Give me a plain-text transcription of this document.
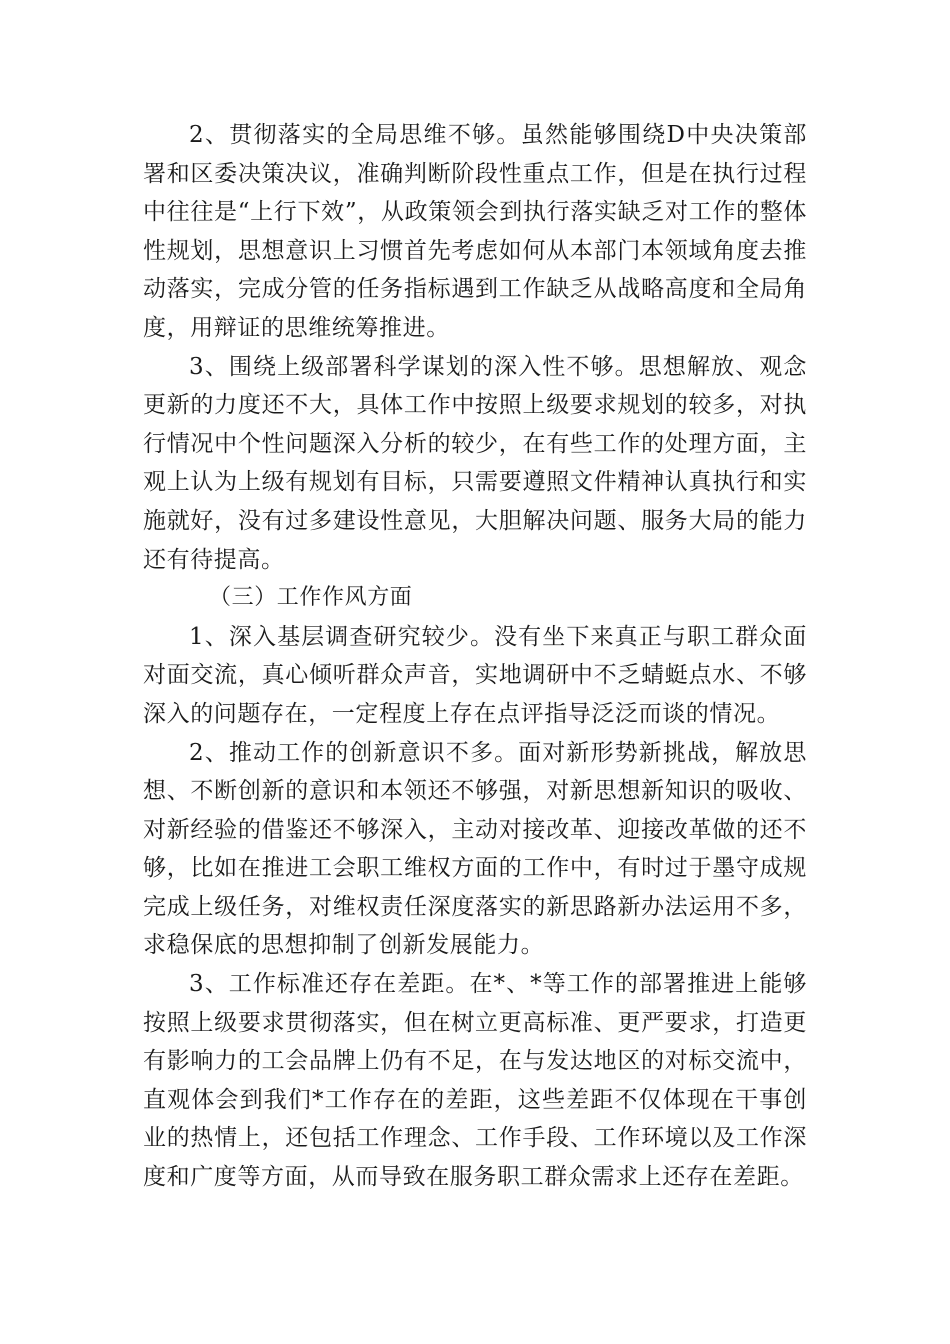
2、贯彻落实的全局思维不够。虽然能够围绕D中央决策部署和区委决策决议，准确判断阶段性重点工作，但是在执行过程中往往是“上行下效”，从政策领会到执行落实缺乏对工作的整体性规划，思想意识上习惯首先考虑如何从本部门本领域角度去推动落实，完成分管的任务指标遇到工作缺乏从战略高度和全局角度，用辩证的思维统筹推进。

3、围绕上级部署科学谋划的深入性不够。思想解放、观念更新的力度还不大，具体工作中按照上级要求规划的较多，对执行情况中个性问题深入分析的较少，在有些工作的处理方面，主观上认为上级有规划有目标，只需要遵照文件精神认真执行和实施就好，没有过多建设性意见，大胆解决问题、服务大局的能力还有待提高。

（三）工作作风方面

1、深入基层调查研究较少。没有坐下来真正与职工群众面对面交流，真心倾听群众声音，实地调研中不乏蜻蜓点水、不够深入的问题存在，一定程度上存在点评指导泛泛而谈的情况。

2、推动工作的创新意识不多。面对新形势新挑战，解放思想、不断创新的意识和本领还不够强，对新思想新知识的吸收、对新经验的借鉴还不够深入，主动对接改革、迎接改革做的还不够，比如在推进工会职工维权方面的工作中，有时过于墨守成规完成上级任务，对维权责任深度落实的新思路新办法运用不多，求稳保底的思想抑制了创新发展能力。

3、工作标准还存在差距。在*、*等工作的部署推进上能够按照上级要求贯彻落实，但在树立更高标准、更严要求，打造更有影响力的工会品牌上仍有不足，在与发达地区的对标交流中，直观体会到我们*工作存在的差距，这些差距不仅体现在干事创业的热情上，还包括工作理念、工作手段、工作环境以及工作深度和广度等方面，从而导致在服务职工群众需求上还存在差距。
